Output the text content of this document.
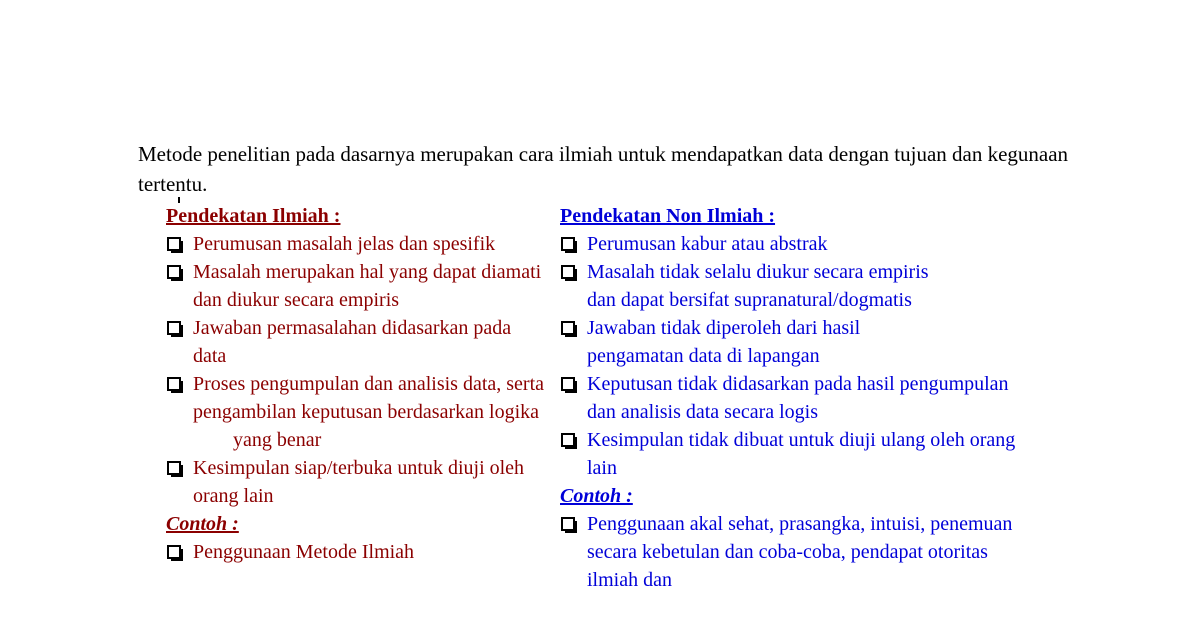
Metode penelitian pada dasarnya merupakan cara ilmiah untuk mendapatkan data dengan tujuan dan kegunaan tertentu.
Pendekatan Ilmiah :
Perumusan masalah jelas dan spesifik
Masalah merupakan hal yang dapat diamati dan diukur secara empiris
Jawaban permasalahan didasarkan pada data
Proses pengumpulan dan analisis data, serta pengambilan keputusan berdasarkan logika
yang benar
Kesimpulan siap/terbuka untuk diuji oleh orang lain
Contoh :
Penggunaan Metode Ilmiah
Pendekatan Non Ilmiah :
Perumusan kabur atau abstrak
Masalah tidak selalu diukur secara empiris dan dapat bersifat supranatural/dogmatis
Jawaban tidak diperoleh dari hasil pengamatan data di lapangan
Keputusan tidak didasarkan pada hasil pengumpulan dan analisis data secara logis
Kesimpulan tidak dibuat untuk diuji ulang oleh orang lain
Contoh :
Penggunaan akal sehat, prasangka, intuisi, penemuan secara kebetulan dan coba-coba, pendapat otoritas ilmiah dan
